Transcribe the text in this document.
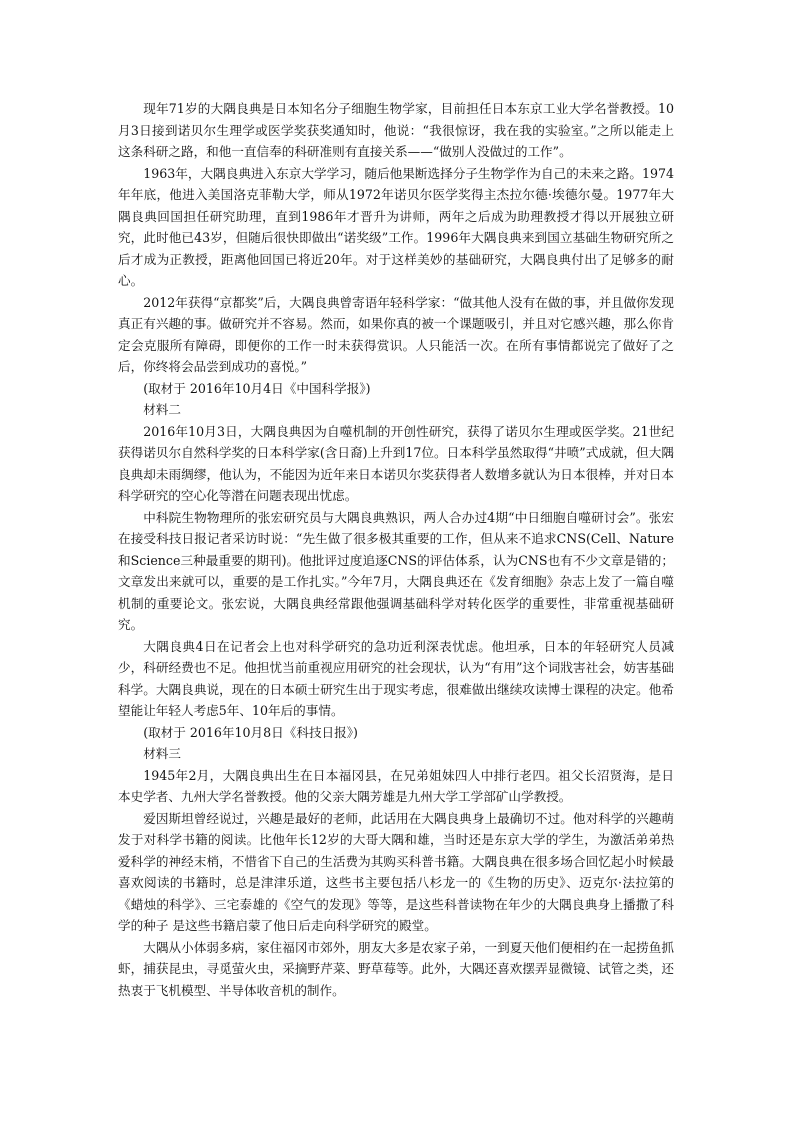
现年71岁的大隅良典是日本知名分子细胞生物学家，目前担任日本东京工业大学名誉教授。10月3日接到诺贝尔生理学或医学奖获奖通知时，他说：“我很惊讶，我在我的实验室。”之所以能走上这条科研之路，和他一直信奉的科研准则有直接关系——“做别人没做过的工作”。

1963年，大隅良典进入东京大学学习，随后他果断选择分子生物学作为自己的未来之路。1974年年底，他进入美国洛克菲勒大学，师从1972年诺贝尔医学奖得主杰拉尔德·埃德尔曼。1977年大隅良典回国担任研究助理，直到1986年才晋升为讲师，两年之后成为助理教授才得以开展独立研究，此时他已43岁，但随后很快即做出“诺奖级”工作。1996年大隅良典来到国立基础生物研究所之后才成为正教授，距离他回国已将近20年。对于这样美妙的基础研究，大隅良典付出了足够多的耐心。

2012年获得“京都奖”后，大隅良典曾寄语年轻科学家：“做其他人没有在做的事，并且做你发现真正有兴趣的事。做研究并不容易。然而，如果你真的被一个课题吸引，并且对它感兴趣，那么你肯定会克服所有障碍，即便你的工作一时未获得赏识。人只能活一次。在所有事情都说完了做好了之后，你终将会品尝到成功的喜悦。”

(取材于 2016年10月4日《中国科学报》)

材料二

2016年10月3日，大隅良典因为自噬机制的开创性研究，获得了诺贝尔生理或医学奖。21世纪获得诺贝尔自然科学奖的日本科学家(含日裔)上升到17位。日本科学虽然取得“井喷”式成就，但大隅良典却未雨绸缪，他认为，不能因为近年来日本诺贝尔奖获得者人数增多就认为日本很棒，并对日本科学研究的空心化等潜在问题表现出忧虑。

中科院生物物理所的张宏研究员与大隅良典熟识，两人合办过4期“中日细胞自噬研讨会”。张宏在接受科技日报记者采访时说：“先生做了很多极其重要的工作，但从来不追求CNS(Cell、Nature和Science三种最重要的期刊)。他批评过度追逐CNS的评估体系，认为CNS也有不少文章是错的；文章发出来就可以，重要的是工作扎实。”今年7月，大隅良典还在《发育细胞》杂志上发了一篇自噬机制的重要论文。张宏说，大隅良典经常跟他强调基础科学对转化医学的重要性，非常重视基础研究。

大隅良典4日在记者会上也对科学研究的急功近利深表忧虑。他坦承，日本的年轻研究人员减少，科研经费也不足。他担忧当前重视应用研究的社会现状，认为“有用”这个词戕害社会，妨害基础科学。大隅良典说，现在的日本硕士研究生出于现实考虑，很难做出继续攻读博士课程的决定。他希望能让年轻人考虑5年、10年后的事情。

(取材于 2016年10月8日《科技日报》)

材料三

1945年2月，大隅良典出生在日本福冈县，在兄弟姐妹四人中排行老四。祖父长沼贤海，是日本史学者、九州大学名誉教授。他的父亲大隅芳雄是九州大学工学部矿山学教授。

爱因斯坦曾经说过，兴趣是最好的老师，此话用在大隅良典身上最确切不过。他对科学的兴趣萌发于对科学书籍的阅读。比他年长12岁的大哥大隅和雄，当时还是东京大学的学生，为激活弟弟热爱科学的神经末梢，不惜省下自己的生活费为其购买科普书籍。大隅良典在很多场合回忆起小时候最喜欢阅读的书籍时，总是津津乐道，这些书主要包括八杉龙一的《生物的历史》、迈克尔·法拉第的《蜡烛的科学》、三宅泰雄的《空气的发现》等等，是这些科普读物在年少的大隅良典身上播撒了科学的种子 是这些书籍启蒙了他日后走向科学研究的殿堂。

大隅从小体弱多病，家住福冈市郊外，朋友大多是农家子弟，一到夏天他们便相约在一起捞鱼抓虾，捕获昆虫，寻觅萤火虫，采摘野芹菜、野草莓等。此外，大隅还喜欢摆弄显微镜、试管之类，还热衷于飞机模型、半导体收音机的制作。
